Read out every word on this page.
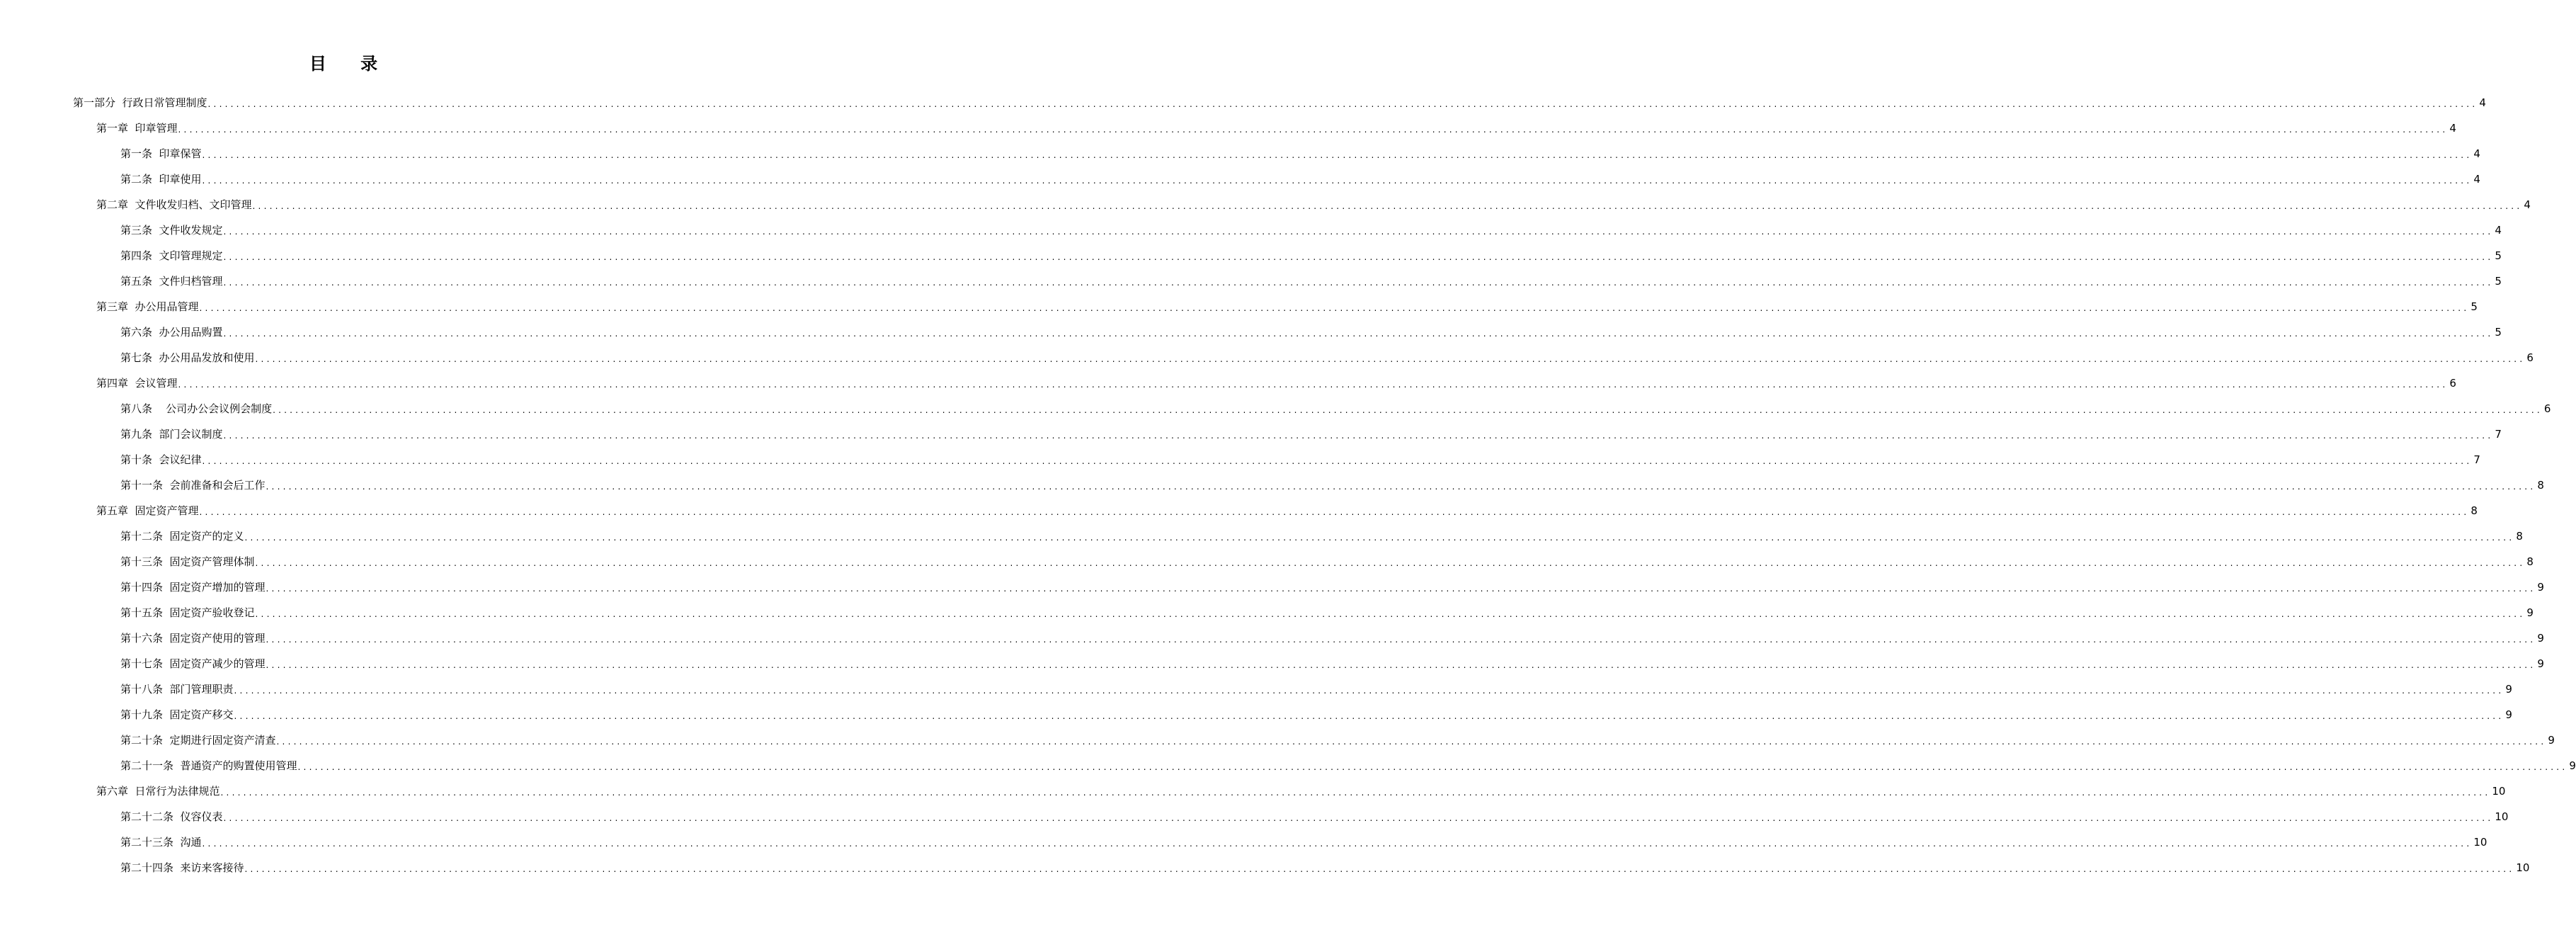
目 录
第一部分  行政日常管理制度 ................................................................................................................................................................................................................................................................................................................................................................................................................ 4
第一章  印章管理 ................................................................................................................................................................................................................................................................................................................................................................................................................ 4
第一条  印章保管 ................................................................................................................................................................................................................................................................................................................................................................................................................ 4
第二条  印章使用 ................................................................................................................................................................................................................................................................................................................................................................................................................ 4
第二章  文件收发归档、文印管理 ................................................................................................................................................................................................................................................................................................................................................................................................................ 4
第三条  文件收发规定 ................................................................................................................................................................................................................................................................................................................................................................................................................ 4
第四条  文印管理规定 ................................................................................................................................................................................................................................................................................................................................................................................................................ 5
第五条  文件归档管理 ................................................................................................................................................................................................................................................................................................................................................................................................................ 5
第三章  办公用品管理 ................................................................................................................................................................................................................................................................................................................................................................................................................ 5
第六条  办公用品购置 ................................................................................................................................................................................................................................................................................................................................................................................................................ 5
第七条  办公用品发放和使用 ................................................................................................................................................................................................................................................................................................................................................................................................................ 6
第四章  会议管理 ................................................................................................................................................................................................................................................................................................................................................................................................................ 6
第八条    公司办公会议例会制度 ................................................................................................................................................................................................................................................................................................................................................................................................................ 6
第九条  部门会议制度 ................................................................................................................................................................................................................................................................................................................................................................................................................ 7
第十条  会议纪律 ................................................................................................................................................................................................................................................................................................................................................................................................................ 7
第十一条  会前准备和会后工作 ................................................................................................................................................................................................................................................................................................................................................................................................................ 8
第五章  固定资产管理 ................................................................................................................................................................................................................................................................................................................................................................................................................ 8
第十二条  固定资产的定义 ................................................................................................................................................................................................................................................................................................................................................................................................................ 8
第十三条  固定资产管理体制 ................................................................................................................................................................................................................................................................................................................................................................................................................ 8
第十四条  固定资产增加的管理 ................................................................................................................................................................................................................................................................................................................................................................................................................ 9
第十五条  固定资产验收登记 ................................................................................................................................................................................................................................................................................................................................................................................................................ 9
第十六条  固定资产使用的管理 ................................................................................................................................................................................................................................................................................................................................................................................................................ 9
第十七条  固定资产减少的管理 ................................................................................................................................................................................................................................................................................................................................................................................................................ 9
第十八条  部门管理职责 ................................................................................................................................................................................................................................................................................................................................................................................................................ 9
第十九条  固定资产移交 ................................................................................................................................................................................................................................................................................................................................................................................................................ 9
第二十条  定期进行固定资产清查 ................................................................................................................................................................................................................................................................................................................................................................................................................ 9
第二十一条  普通资产的购置使用管理 ................................................................................................................................................................................................................................................................................................................................................................................................................ 9
第六章  日常行为法律规范 ................................................................................................................................................................................................................................................................................................................................................................................................................ 10
第二十二条  仪容仪表 ................................................................................................................................................................................................................................................................................................................................................................................................................ 10
第二十三条  沟通 ................................................................................................................................................................................................................................................................................................................................................................................................................ 10
第二十四条  来访来客接待 ................................................................................................................................................................................................................................................................................................................................................................................................................ 10
